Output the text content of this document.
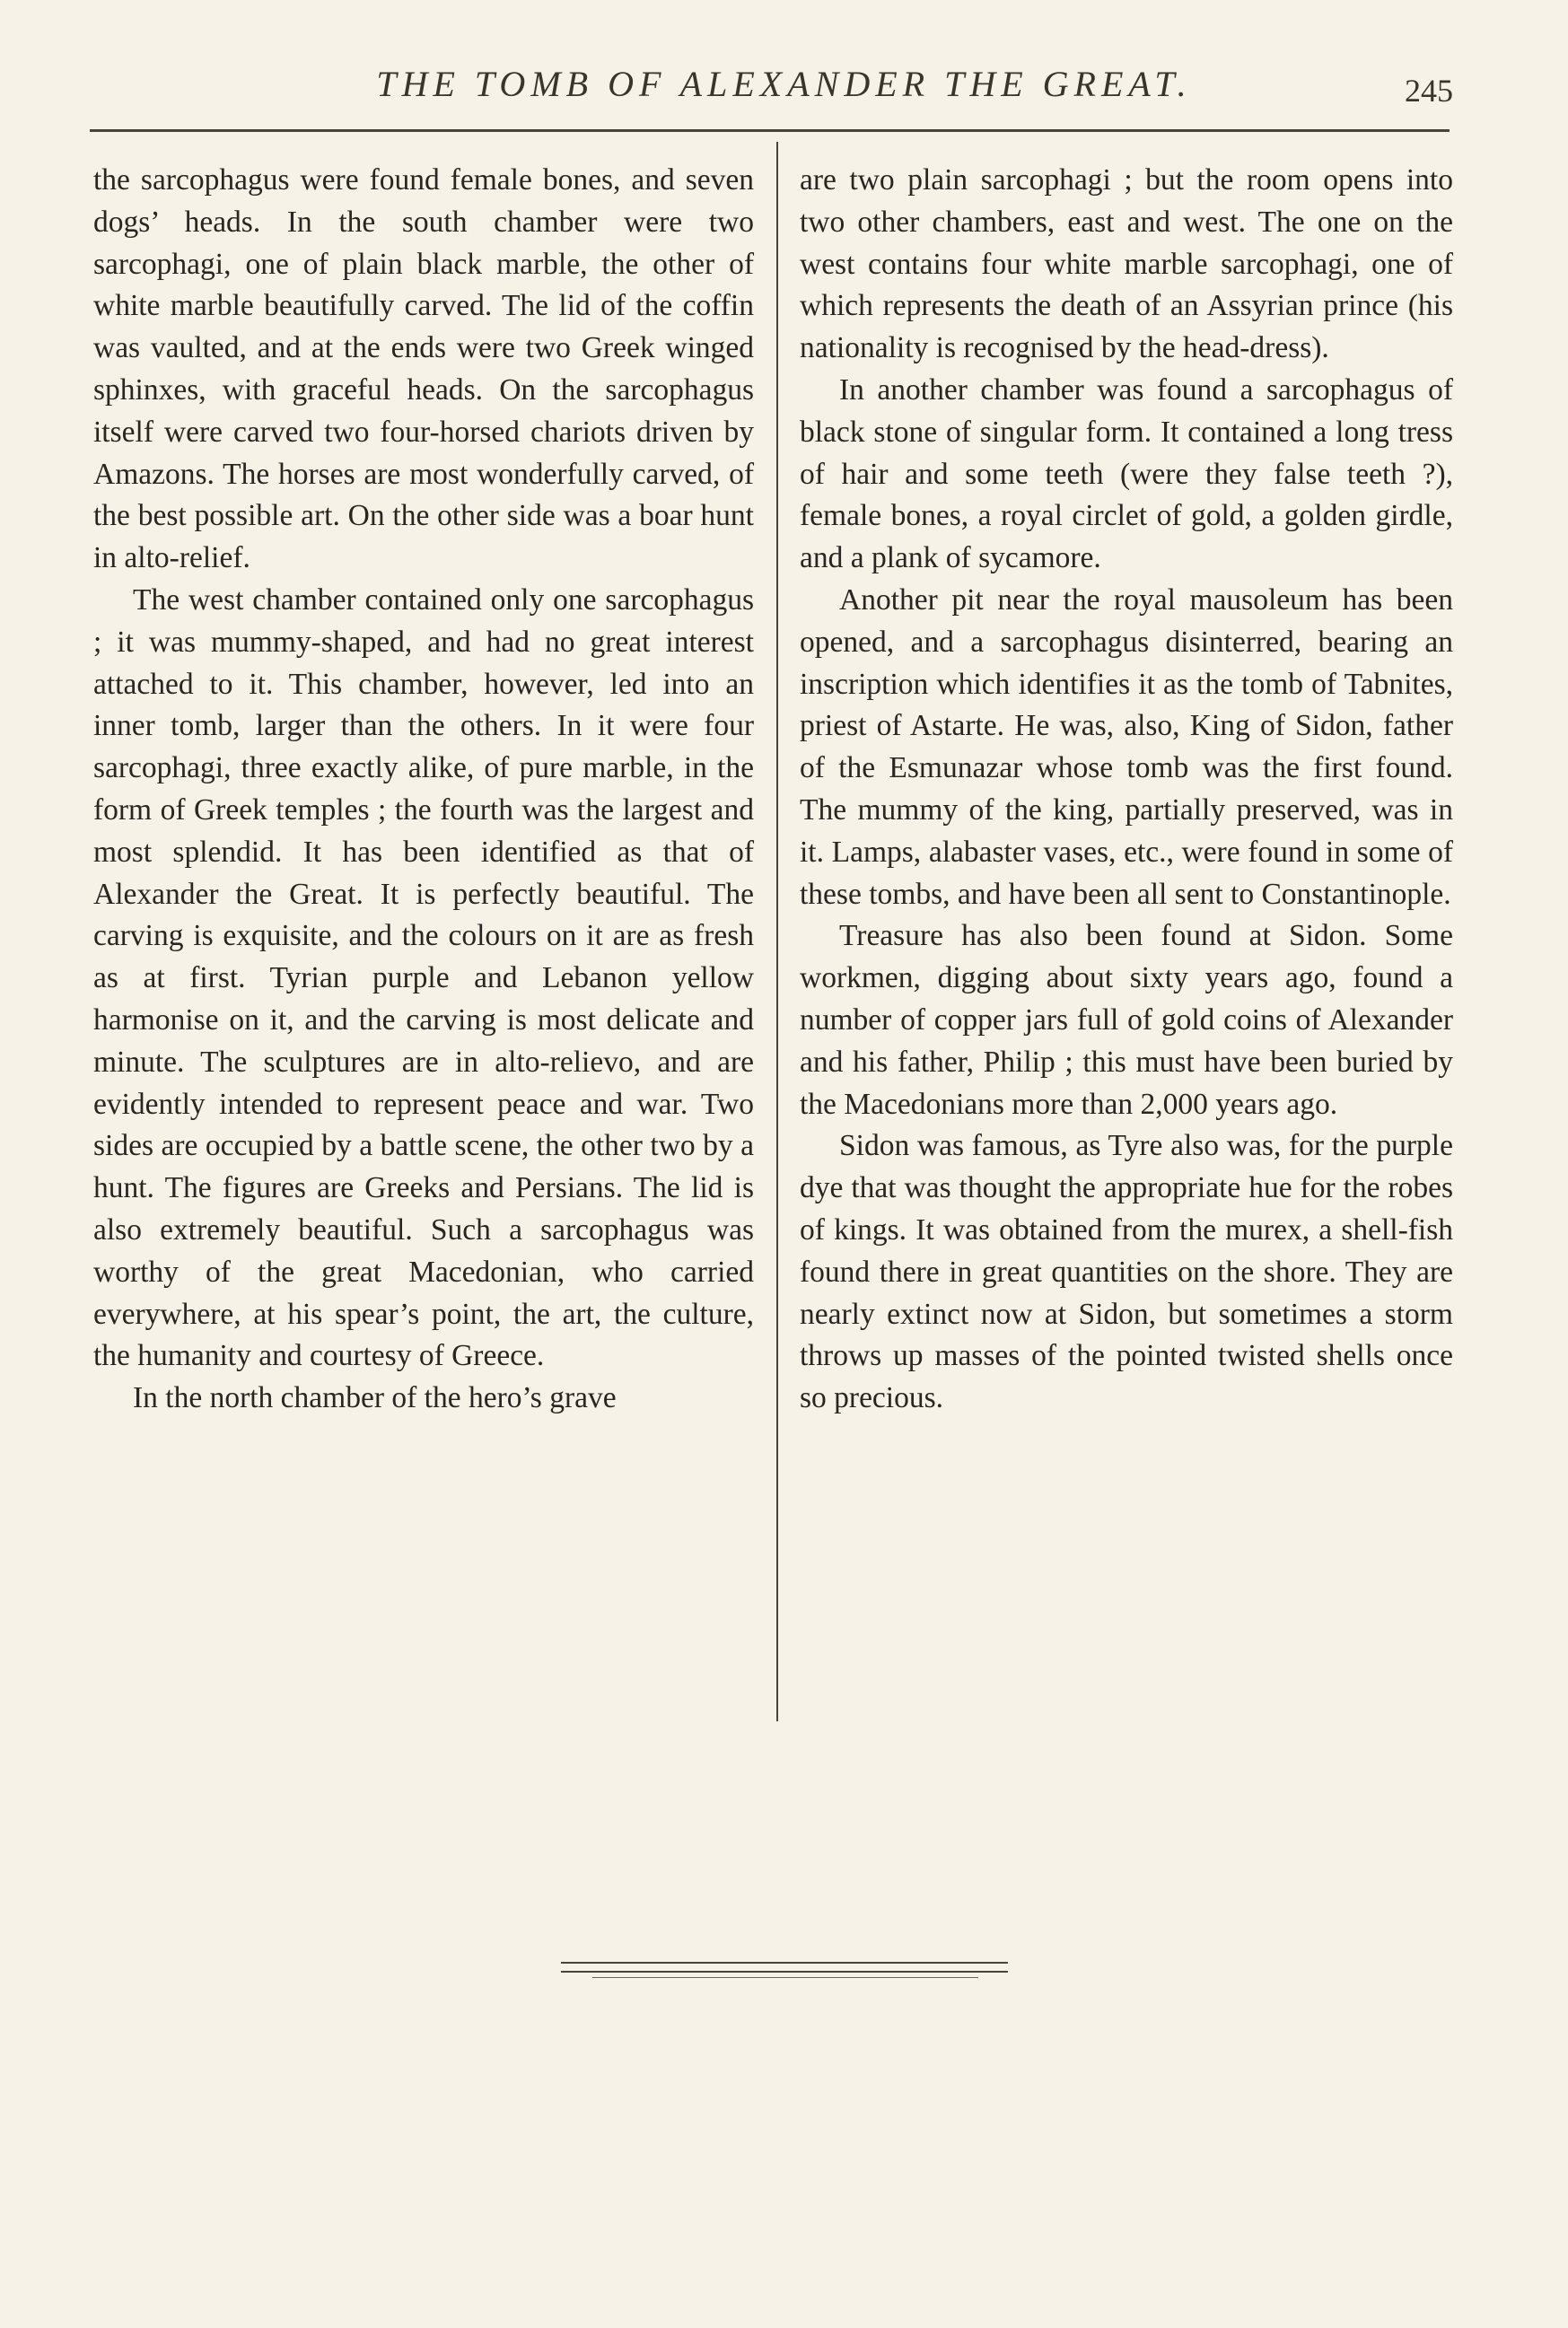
THE TOMB OF ALEXANDER THE GREAT.	245

the sarcophagus were found female bones, and seven dogs’ heads. In the south chamber were two sarcophagi, one of plain black marble, the other of white marble beautifully carved. The lid of the coffin was vaulted, and at the ends were two Greek winged sphinxes, with graceful heads. On the sarcophagus itself were carved two four-horsed chariots driven by Amazons. The horses are most wonderfully carved, of the best possible art. On the other side was a boar hunt in alto-relief.

The west chamber contained only one sarcophagus ; it was mummy-shaped, and had no great interest attached to it. This chamber, however, led into an inner tomb, larger than the others. In it were four sarcophagi, three exactly alike, of pure marble, in the form of Greek temples ; the fourth was the largest and most splendid. It has been identified as that of Alexander the Great. It is perfectly beautiful. The carving is exquisite, and the colours on it are as fresh as at first. Tyrian purple and Lebanon yellow harmonise on it, and the carving is most delicate and minute. The sculptures are in alto-relievo, and are evidently intended to represent peace and war. Two sides are occupied by a battle scene, the other two by a hunt. The figures are Greeks and Persians. The lid is also extremely beautiful. Such a sarcophagus was worthy of the great Macedonian, who carried everywhere, at his spear’s point, the art, the culture, the humanity and courtesy of Greece.

In the north chamber of the hero’s grave

are two plain sarcophagi ; but the room opens into two other chambers, east and west. The one on the west contains four white marble sarcophagi, one of which represents the death of an Assyrian prince (his nationality is recognised by the head-dress).

In another chamber was found a sarcophagus of black stone of singular form. It contained a long tress of hair and some teeth (were they false teeth ?), female bones, a royal circlet of gold, a golden girdle, and a plank of sycamore.

Another pit near the royal mausoleum has been opened, and a sarcophagus disinterred, bearing an inscription which identifies it as the tomb of Tabnites, priest of Astarte. He was, also, King of Sidon, father of the Esmunazar whose tomb was the first found. The mummy of the king, partially preserved, was in it. Lamps, alabaster vases, etc., were found in some of these tombs, and have been all sent to Constantinople.

Treasure has also been found at Sidon. Some workmen, digging about sixty years ago, found a number of copper jars full of gold coins of Alexander and his father, Philip ; this must have been buried by the Macedonians more than 2,000 years ago.

Sidon was famous, as Tyre also was, for the purple dye that was thought the appropriate hue for the robes of kings. It was obtained from the murex, a shell-fish found there in great quantities on the shore. They are nearly extinct now at Sidon, but sometimes a storm throws up masses of the pointed twisted shells once so precious.
